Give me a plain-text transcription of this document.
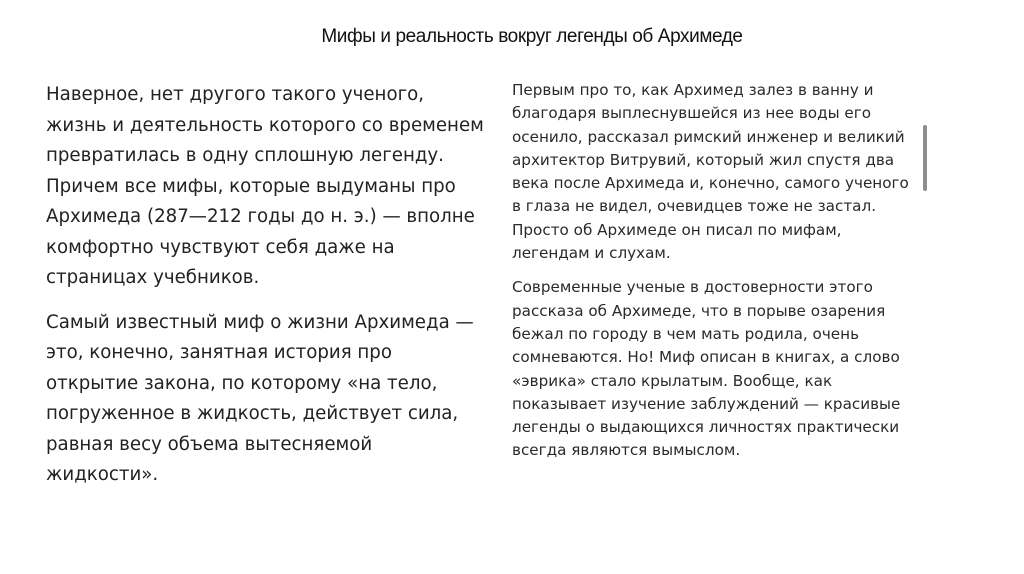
Мифы и реальность вокруг легенды об Архимеде

Наверное, нет другого такого ученого, жизнь и деятельность которого со временем превратилась в одну сплошную легенду. Причем все мифы, которые выдуманы про Архимеда (287—212 годы до н. э.) — вполне комфортно чувствуют себя даже на страницах учебников.

Самый известный миф о жизни Архимеда — это, конечно, занятная история про открытие закона, по которому «на тело, погруженное в жидкость, действует сила, равная весу объема вытесняемой жидкости».

Первым про то, как Архимед залез в ванну и благодаря выплеснувшейся из нее воды его осенило, рассказал римский инженер и великий архитектор Витрувий, который жил спустя два века после Архимеда и, конечно, самого ученого в глаза не видел, очевидцев тоже не застал. Просто об Архимеде он писал по мифам, легендам и слухам.

Современные ученые в достоверности этого рассказа об Архимеде, что в порыве озарения бежал по городу в чем мать родила, очень сомневаются. Но! Миф описан в книгах, а слово «эврика» стало крылатым. Вообще, как показывает изучение заблуждений — красивые легенды о выдающихся личностях практически всегда являются вымыслом.
